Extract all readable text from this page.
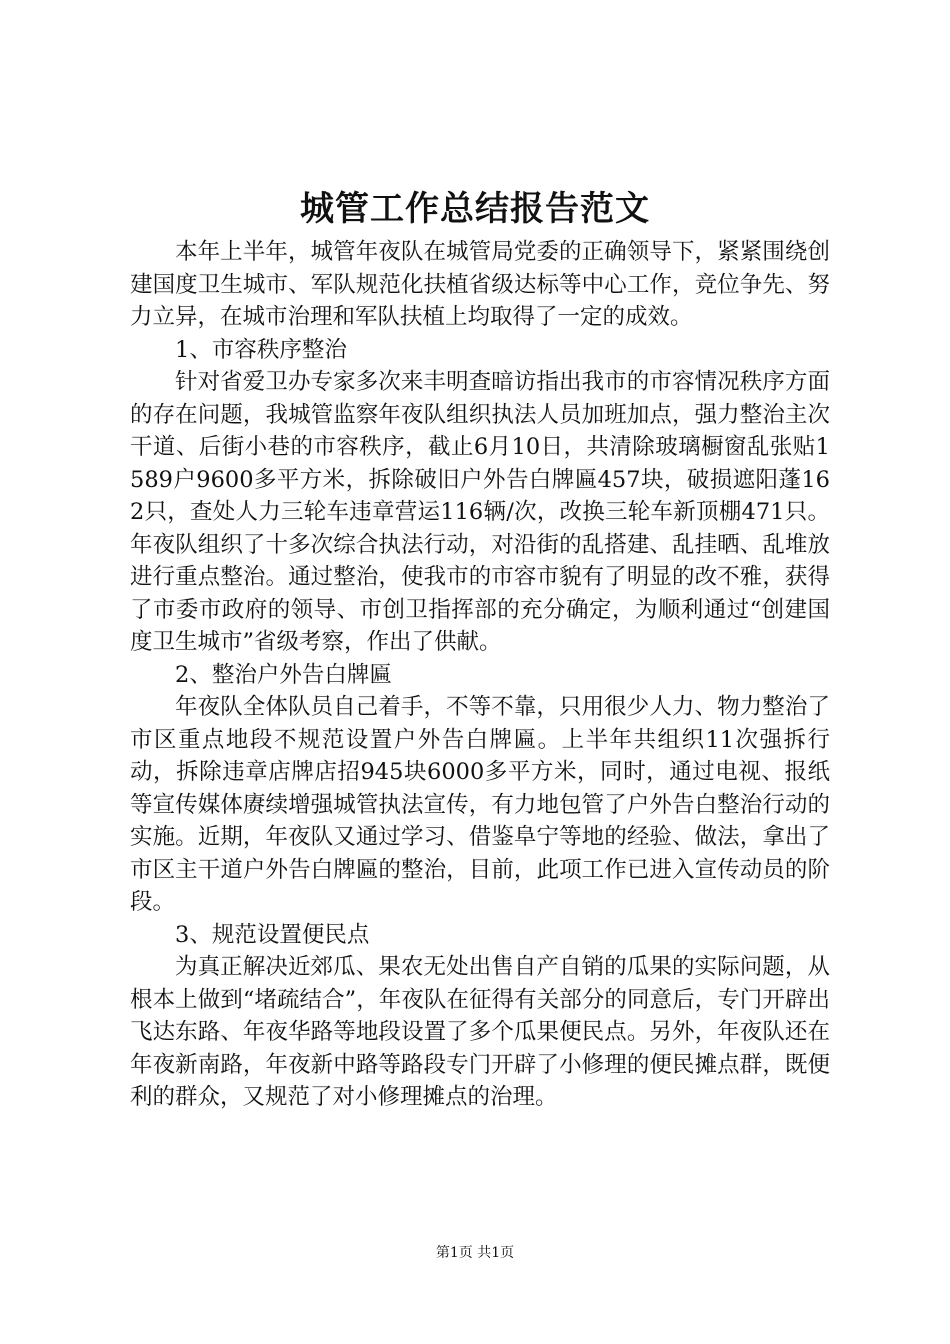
城管工作总结报告范文

本年上半年，城管年夜队在城管局党委的正确领导下，紧紧围绕创建国度卫生城市、军队规范化扶植省级达标等中心工作，竞位争先、努力立异，在城市治理和军队扶植上均取得了一定的成效。

1、市容秩序整治

针对省爱卫办专家多次来丰明查暗访指出我市的市容情况秩序方面的存在问题，我城管监察年夜队组织执法人员加班加点，强力整治主次干道、后街小巷的市容秩序，截止6月10日，共清除玻璃橱窗乱张贴1589户9600多平方米，拆除破旧户外告白牌匾457块，破损遮阳蓬162只，查处人力三轮车违章营运116辆/次，改换三轮车新顶棚471只。年夜队组织了十多次综合执法行动，对沿街的乱搭建、乱挂晒、乱堆放进行重点整治。通过整治，使我市的市容市貌有了明显的改不雅，获得了市委市政府的领导、市创卫指挥部的充分确定，为顺利通过“创建国度卫生城市”省级考察，作出了供献。

2、整治户外告白牌匾

年夜队全体队员自己着手，不等不靠，只用很少人力、物力整治了市区重点地段不规范设置户外告白牌匾。上半年共组织11次强拆行动，拆除违章店牌店招945块6000多平方米，同时，通过电视、报纸等宣传媒体赓续增强城管执法宣传，有力地包管了户外告白整治行动的实施。近期，年夜队又通过学习、借鉴阜宁等地的经验、做法，拿出了市区主干道户外告白牌匾的整治，目前，此项工作已进入宣传动员的阶段。

3、规范设置便民点

为真正解决近郊瓜、果农无处出售自产自销的瓜果的实际问题，从根本上做到“堵疏结合”，年夜队在征得有关部分的同意后，专门开辟出飞达东路、年夜华路等地段设置了多个瓜果便民点。另外，年夜队还在年夜新南路，年夜新中路等路段专门开辟了小修理的便民摊点群，既便利的群众，又规范了对小修理摊点的治理。

第1页 共1页
